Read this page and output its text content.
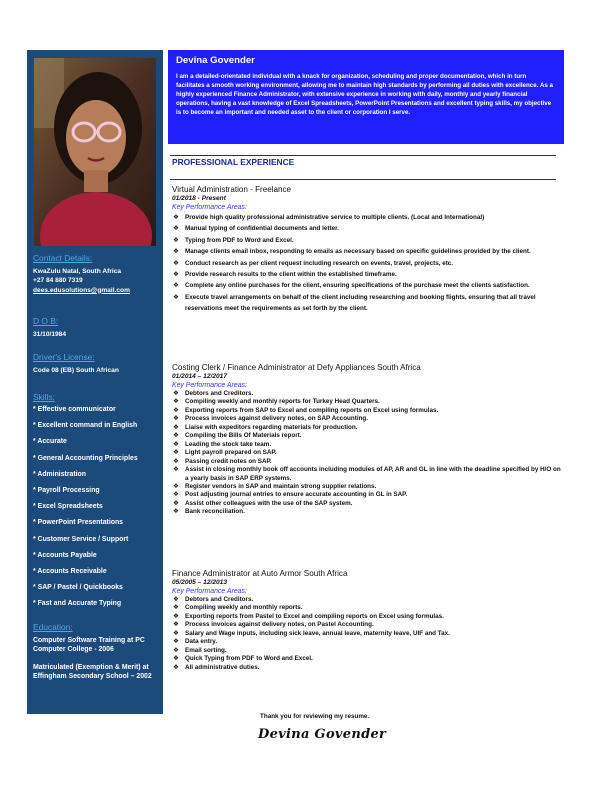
Contact Details:
KwaZulu Natal, South Africa
+27 84 880 7319
dees.edusolutions@gmail.com
D O B:
31/10/1984
Driver's License:
Code 08 (EB) South African
Skills:
* Effective communicator
* Excellent command in English
* Accurate
* General Accounting Principles
* Administration
* Payroll Processing
* Excel Spreadsheets
* PowerPoint Presentations
* Customer Service / Support
* Accounts Payable
* Accounts Receivable
* SAP / Pastel / Quickbooks
* Fast and Accurate Typing
Education:
Computer Software Training at PC Computer College - 2006
Matriculated (Exemption & Merit) at Effingham Secondary School – 2002
Devina Govender
I am a detailed-orientated individual with a knack for organization, scheduling and proper documentation, which in turn facilitates a smooth working environment, allowing me to maintain high standards by performing all duties with excellence. As a highly experienced Finance Administrator, with extensive experience in working with daily, monthly and yearly financial operations, having a vast knowledge of Excel Spreadsheets, PowerPoint Presentations and excellent typing skills, my objective is to become an important and needed asset to the client or corporation I serve.
PROFESSIONAL EXPERIENCE
Virtual Administration - Freelance
01/2018 - Present
Key Performance Areas:
❖ Provide high quality professional administrative service to multiple clients. (Local and International)
❖ Manual typing of confidential documents and letter.
❖ Typing from PDF to Word and Excel.
❖ Manage clients email inbox, responding to emails as necessary based on specific guidelines provided by the client.
❖ Conduct research as per client request including research on events, travel, projects, etc.
❖ Provide research results to the client within the established timeframe.
❖ Complete any online purchases for the client, ensuring specifications of the purchase meet the clients satisfaction.
❖ Execute travel arrangements on behalf of the client including researching and booking flights, ensuring that all travel reservations meet the requirements as set forth by the client.
Costing Clerk / Finance Administrator at Defy Appliances South Africa
01/2014 – 12/2017
Key Performance Areas:
❖ Debtors and Creditors.
❖ Compiling weekly and monthly reports for Turkey Head Quarters.
❖ Exporting reports from SAP to Excel and compiling reports on Excel using formulas.
❖ Process invoices against delivery notes, on SAP Accounting.
❖ Liaise with expeditors regarding materials for production.
❖ Compiling the Bills Of Materials report.
❖ Leading the stock take team.
❖ Light payroll prepared on SAP.
❖ Passing credit notes on SAP.
❖ Assist in closing monthly book off accounts including modules of AP, AR and GL in line with the deadline specified by H/O on a yearly basis in SAP ERP systems.
❖ Register vendors in SAP and maintain strong supplier relations.
❖ Post adjusting journal entries to ensure accurate accounting in GL in SAP.
❖ Assist other colleagues with the use of the SAP system.
❖ Bank reconciliation.
Finance Administrator at Auto Armor South Africa
05/2005 – 12/2013
Key Performance Areas:
❖ Debtors and Creditors.
❖ Compiling weekly and monthly reports.
❖ Exporting reports from Pastel to Excel and compiling reports on Excel using formulas.
❖ Process invoices against delivery notes, on Pastel Accounting.
❖ Salary and Wage inputs, including sick leave, annual leave, maternity leave, UIF and Tax.
❖ Data entry.
❖ Email sorting.
❖ Quick Typing from PDF to Word and Excel.
❖ All administrative duties.
Thank you for reviewing my resume.
Devina Govender
